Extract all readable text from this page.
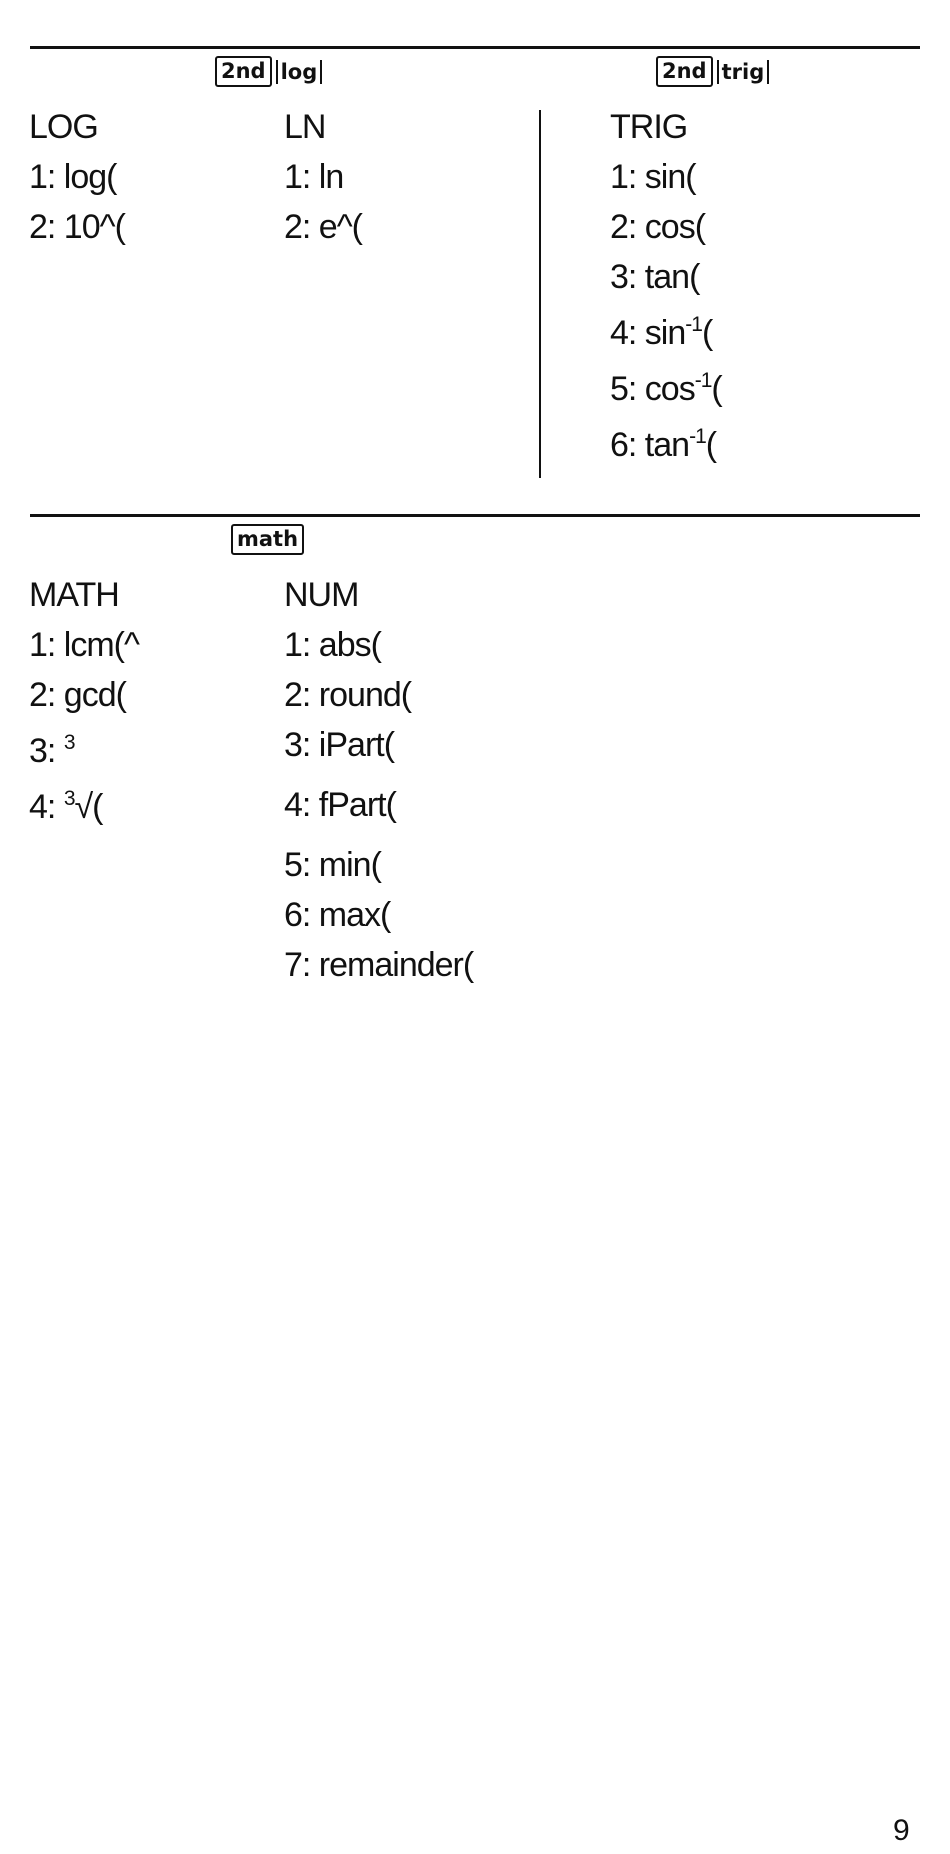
2nd log	2nd trig
LOG
1: log(
2: 10^(
LN
1: ln
2: e^(
TRIG
1: sin(
2: cos(
3: tan(
4: $\sin^{-1}$(
5: $\cos^{-1}$(
6: $\tan^{-1}$(
math
MATH
1: lcm(^
2: gcd(
3: $^3$
4: $^3$√(
NUM
1: abs(
2: round(
3: iPart(
4: fPart(
5: min(
6: max(
7: remainder(
9
